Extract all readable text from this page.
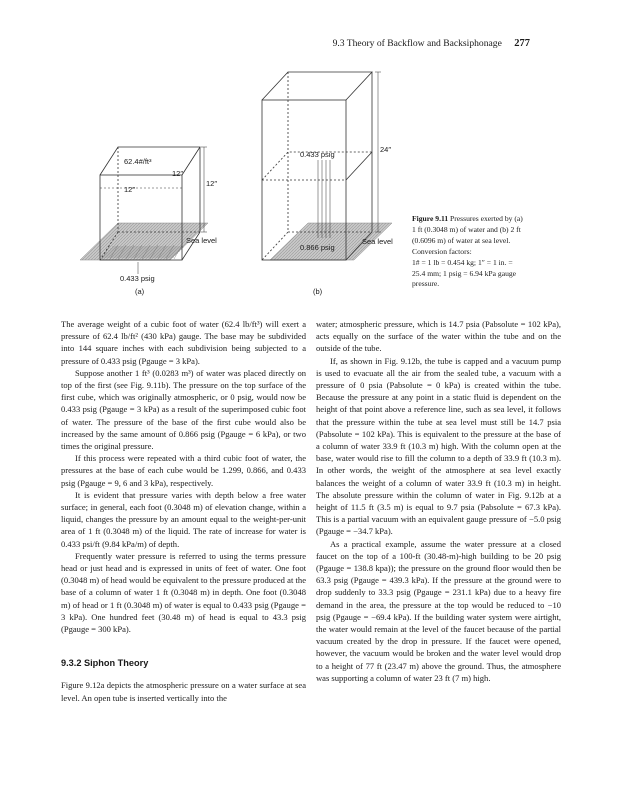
9.3 Theory of Backflow and Backsiphonage 277
62.4#/ft³
12″
12″
12″
Sea level
0.433 psig
(a)
24″
0.433 psig
0.866 psig
Sea level
(b)
Figure 9.11 Pressures exerted by (a) 1 ft (0.3048 m) of water and (b) 2 ft (0.6096 m) of water at sea level.
Conversion factors:
1# = 1 lb = 0.454 kg; 1″ = 1 in. =
25.4 mm; 1 psig = 6.94 kPa gauge
pressure.

The average weight of a cubic foot of water (62.4 lb/ft³) will exert a pressure of 62.4 lb/ft² (430 kPa) gauge. The base may be subdivided into 144 square inches with each subdivision being subjected to a pressure of 0.433 psig (Pgauge = 3 kPa).

Suppose another 1 ft³ (0.0283 m³) of water was placed directly on top of the first (see Fig. 9.11b). The pressure on the top surface of the first cube, which was originally atmospheric, or 0 psig, would now be 0.433 psig (Pgauge = 3 kPa) as a result of the superimposed cubic foot of water. The pressure of the base of the first cube would also be increased by the same amount of 0.866 psig (Pgauge = 6 kPa), or two times the original pressure.

If this process were repeated with a third cubic foot of water, the pressures at the base of each cube would be 1.299, 0.866, and 0.433 psig (Pgauge = 9, 6 and 3 kPa), respectively.

It is evident that pressure varies with depth below a free water surface; in general, each foot (0.3048 m) of elevation change, within a liquid, changes the pressure by an amount equal to the weight-per-unit area of 1 ft (0.3048 m) of the liquid. The rate of increase for water is 0.433 psi/ft (9.84 kPa/m) of depth.

Frequently water pressure is referred to using the terms pressure head or just head and is expressed in units of feet of water. One foot (0.3048 m) of head would be equivalent to the pressure produced at the base of a column of water 1 ft (0.3048 m) in depth. One foot (0.3048 m) of head or 1 ft (0.3048 m) of water is equal to 0.433 psig (Pgauge = 3 kPa). One hundred feet (30.48 m) of head is equal to 43.3 psig (Pgauge = 300 kPa).

9.3.2 Siphon Theory

Figure 9.12a depicts the atmospheric pressure on a water surface at sea level. An open tube is inserted vertically into the

water; atmospheric pressure, which is 14.7 psia (Pabsolute = 102 kPa), acts equally on the surface of the water within the tube and on the outside of the tube.

If, as shown in Fig. 9.12b, the tube is capped and a vacuum pump is used to evacuate all the air from the sealed tube, a vacuum with a pressure of 0 psia (Pabsolute = 0 kPa) is created within the tube. Because the pressure at any point in a static fluid is dependent on the height of that point above a reference line, such as sea level, it follows that the pressure within the tube at sea level must still be 14.7 psia (Pabsolute = 102 kPa). This is equivalent to the pressure at the base of a column of water 33.9 ft (10.3 m) high. With the column open at the base, water would rise to fill the column to a depth of 33.9 ft (10.3 m). In other words, the weight of the atmosphere at sea level exactly balances the weight of a column of water 33.9 ft (10.3 m) in height. The absolute pressure within the column of water in Fig. 9.12b at a height of 11.5 ft (3.5 m) is equal to 9.7 psia (Pabsolute = 67.3 kPa). This is a partial vacuum with an equivalent gauge pressure of −5.0 psig (Pgauge = −34.7 kPa).

As a practical example, assume the water pressure at a closed faucet on the top of a 100-ft (30.48-m)-high building to be 20 psig (Pgauge = 138.8 kpa)); the pressure on the ground floor would then be 63.3 psig (Pgauge = 439.3 kPa). If the pressure at the ground were to drop suddenly to 33.3 psig (Pgauge = 231.1 kPa) due to a heavy fire demand in the area, the pressure at the top would be reduced to −10 psig (Pgauge = −69.4 kPa). If the building water system were airtight, the water would remain at the level of the faucet because of the partial vacuum created by the drop in pressure. If the faucet were opened, however, the vacuum would be broken and the water level would drop to a height of 77 ft (23.47 m) above the ground. Thus, the atmosphere was supporting a column of water 23 ft (7 m) high.
